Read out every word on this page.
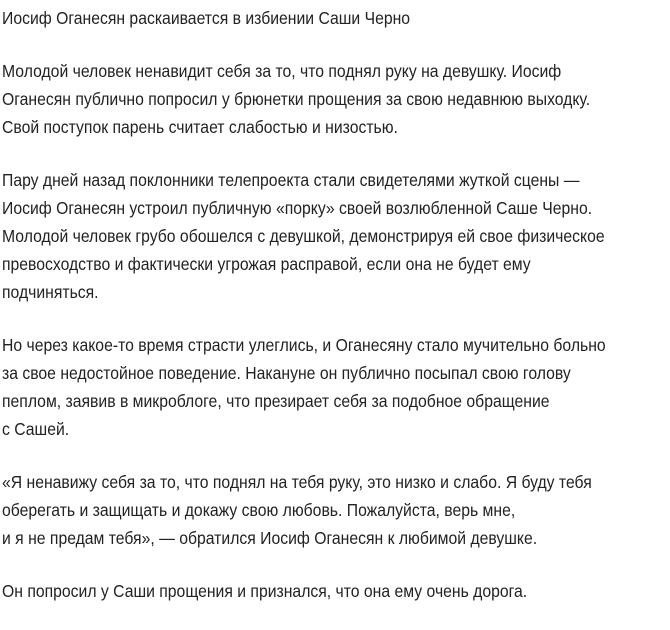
Иосиф Оганесян раскаивается в избиении Саши Черно

Молодой человек ненавидит себя за то, что поднял руку на девушку. Иосиф
Оганесян публично попросил у брюнетки прощения за свою недавнюю выходку.
Свой поступок парень считает слабостью и низостью.

Пару дней назад поклонники телепроекта стали свидетелями жуткой сцены —
Иосиф Оганесян устроил публичную «порку» своей возлюбленной Саше Черно.
Молодой человек грубо обошелся с девушкой, демонстрируя ей свое физическое
превосходство и фактически угрожая расправой, если она не будет ему
подчиняться.

Но через какое-то время страсти улеглись, и Оганесяну стало мучительно больно
за свое недостойное поведение. Накануне он публично посыпал свою голову
пеплом, заявив в микроблоге, что презирает себя за подобное обращение
с Сашей.

«Я ненавижу себя за то, что поднял на тебя руку, это низко и слабо. Я буду тебя
оберегать и защищать и докажу свою любовь. Пожалуйста, верь мне,
и я не предам тебя», — обратился Иосиф Оганесян к любимой девушке.

Он попросил у Саши прощения и признался, что она ему очень дорога.
